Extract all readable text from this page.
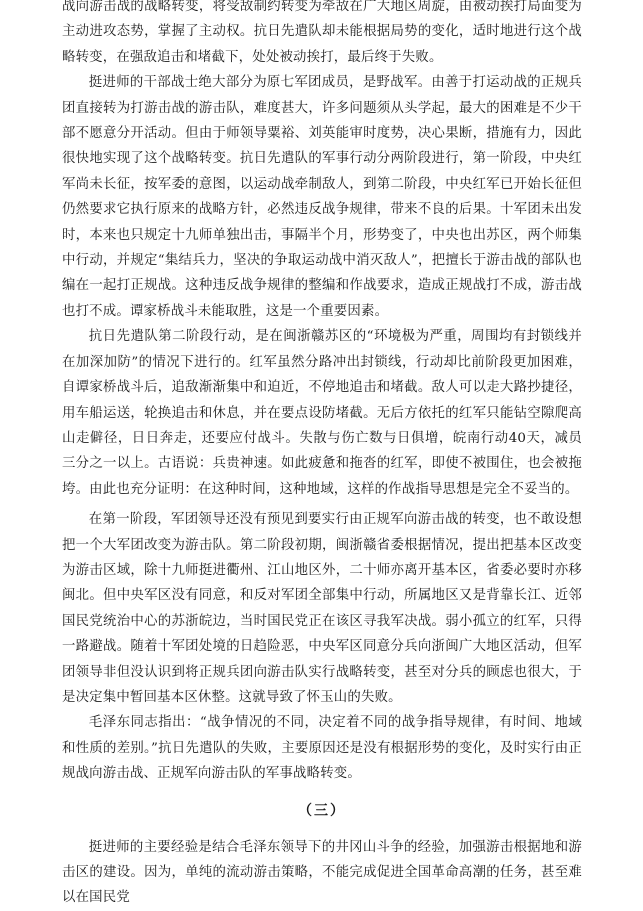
战向游击战的战略转变，将受敌制约转变为牵敌在广大地区周旋，由被动挨打局面变为主动进攻态势，掌握了主动权。抗日先遣队却未能根据局势的变化，适时地进行这个战略转变，在强敌追击和堵截下，处处被动挨打，最后终于失败。

挺进师的干部战士绝大部分为原七军团成员，是野战军。由善于打运动战的正规兵团直接转为打游击战的游击队，难度甚大，许多问题须从头学起，最大的困难是不少干部不愿意分开活动。但由于师领导粟裕、刘英能审时度势，决心果断，措施有力，因此很快地实现了这个战略转变。抗日先遣队的军事行动分两阶段进行，第一阶段，中央红军尚未长征，按军委的意图，以运动战牵制敌人，到第二阶段，中央红军已开始长征但仍然要求它执行原来的战略方针，必然违反战争规律，带来不良的后果。十军团未出发时，本来也只规定十九师单独出击，事隔半个月，形势变了，中央也出苏区，两个师集中行动，并规定“集结兵力，坚决的争取运动战中消灭敌人”，把擅长于游击战的部队也编在一起打正规战。这种违反战争规律的整编和作战要求，造成正规战打不成，游击战也打不成。谭家桥战斗未能取胜，这是一个重要因素。

抗日先遣队第二阶段行动，是在闽浙赣苏区的“环境极为严重，周围均有封锁线并在加深加防”的情况下进行的。红军虽然分路冲出封锁线，行动却比前阶段更加困难，自谭家桥战斗后，追敌渐渐集中和迫近，不停地追击和堵截。敌人可以走大路抄捷径，用车船运送，轮换追击和休息，并在要点设防堵截。无后方依托的红军只能钻空隙爬高山走僻径，日日奔走，还要应付战斗。失散与伤亡数与日俱增，皖南行动40天，减员三分之一以上。古语说：兵贵神速。如此疲惫和拖沓的红军，即使不被围住，也会被拖垮。由此也充分证明：在这种时间，这种地域，这样的作战指导思想是完全不妥当的。

在第一阶段，军团领导还没有预见到要实行由正规军向游击战的转变，也不敢设想把一个大军团改变为游击队。第二阶段初期，闽浙赣省委根据情况，提出把基本区改变为游击区域，除十九师挺进衢州、江山地区外，二十师亦离开基本区，省委必要时亦移闽北。但中央军区没有同意，和反对军团全部集中行动，所属地区又是背靠长江、近邻国民党统治中心的苏浙皖边，当时国民党正在该区寻我军决战。弱小孤立的红军，只得一路避战。随着十军团处境的日趋险恶，中央军区同意分兵向浙闽广大地区活动，但军团领导非但没认识到将正规兵团向游击队实行战略转变，甚至对分兵的顾虑也很大，于是决定集中暂回基本区休整。这就导致了怀玉山的失败。

毛泽东同志指出：“战争情况的不同，决定着不同的战争指导规律，有时间、地域和性质的差别。”抗日先遣队的失败，主要原因还是没有根据形势的变化，及时实行由正规战向游击战、正规军向游击队的军事战略转变。

（三）

挺进师的主要经验是结合毛泽东领导下的井冈山斗争的经验，加强游击根据地和游击区的建设。因为，单纯的流动游击策略，不能完成促进全国革命高潮的任务，甚至难以在国民党
